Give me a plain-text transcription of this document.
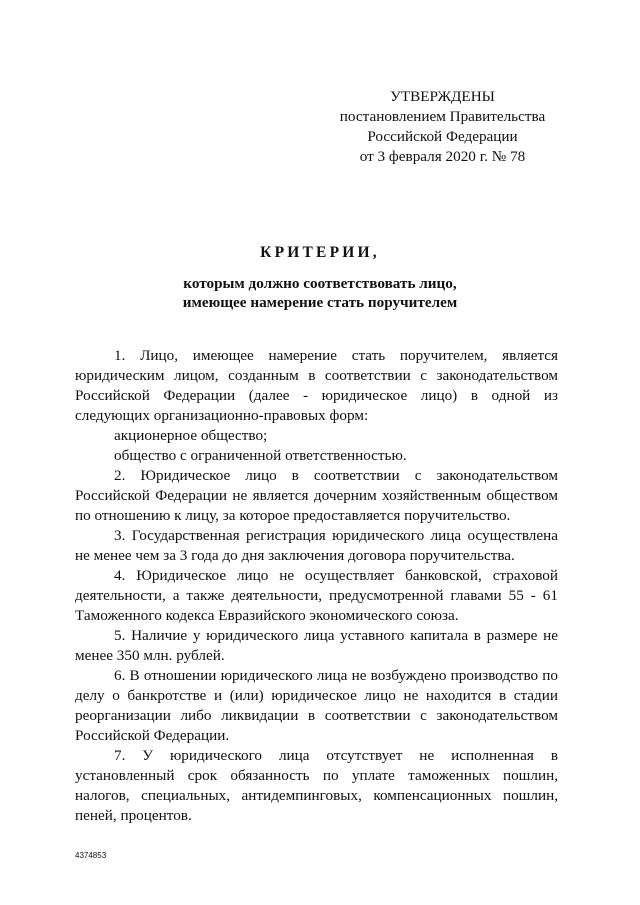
УТВЕРЖДЕНЫ
постановлением Правительства
Российской Федерации
от 3 февраля 2020 г. № 78
КРИТЕРИИ,
которым должно соответствовать лицо,
имеющее намерение стать поручителем

1. Лицо, имеющее намерение стать поручителем, является юридическим лицом, созданным в соответствии с законодательством Российской Федерации (далее - юридическое лицо) в одной из следующих организационно-правовых форм:

акционерное общество;

общество с ограниченной ответственностью.

2. Юридическое лицо в соответствии с законодательством Российской Федерации не является дочерним хозяйственным обществом по отношению к лицу, за которое предоставляется поручительство.

3. Государственная регистрация юридического лица осуществлена не менее чем за 3 года до дня заключения договора поручительства.

4. Юридическое лицо не осуществляет банковской, страховой деятельности, а также деятельности, предусмотренной главами 55 - 61 Таможенного кодекса Евразийского экономического союза.

5. Наличие у юридического лица уставного капитала в размере не менее 350 млн. рублей.

6. В отношении юридического лица не возбуждено производство по делу о банкротстве и (или) юридическое лицо не находится в стадии реорганизации либо ликвидации в соответствии с законодательством Российской Федерации.

7. У юридического лица отсутствует не исполненная в установленный срок обязанность по уплате таможенных пошлин, налогов, специальных, антидемпинговых, компенсационных пошлин, пеней, процентов.

4374853
